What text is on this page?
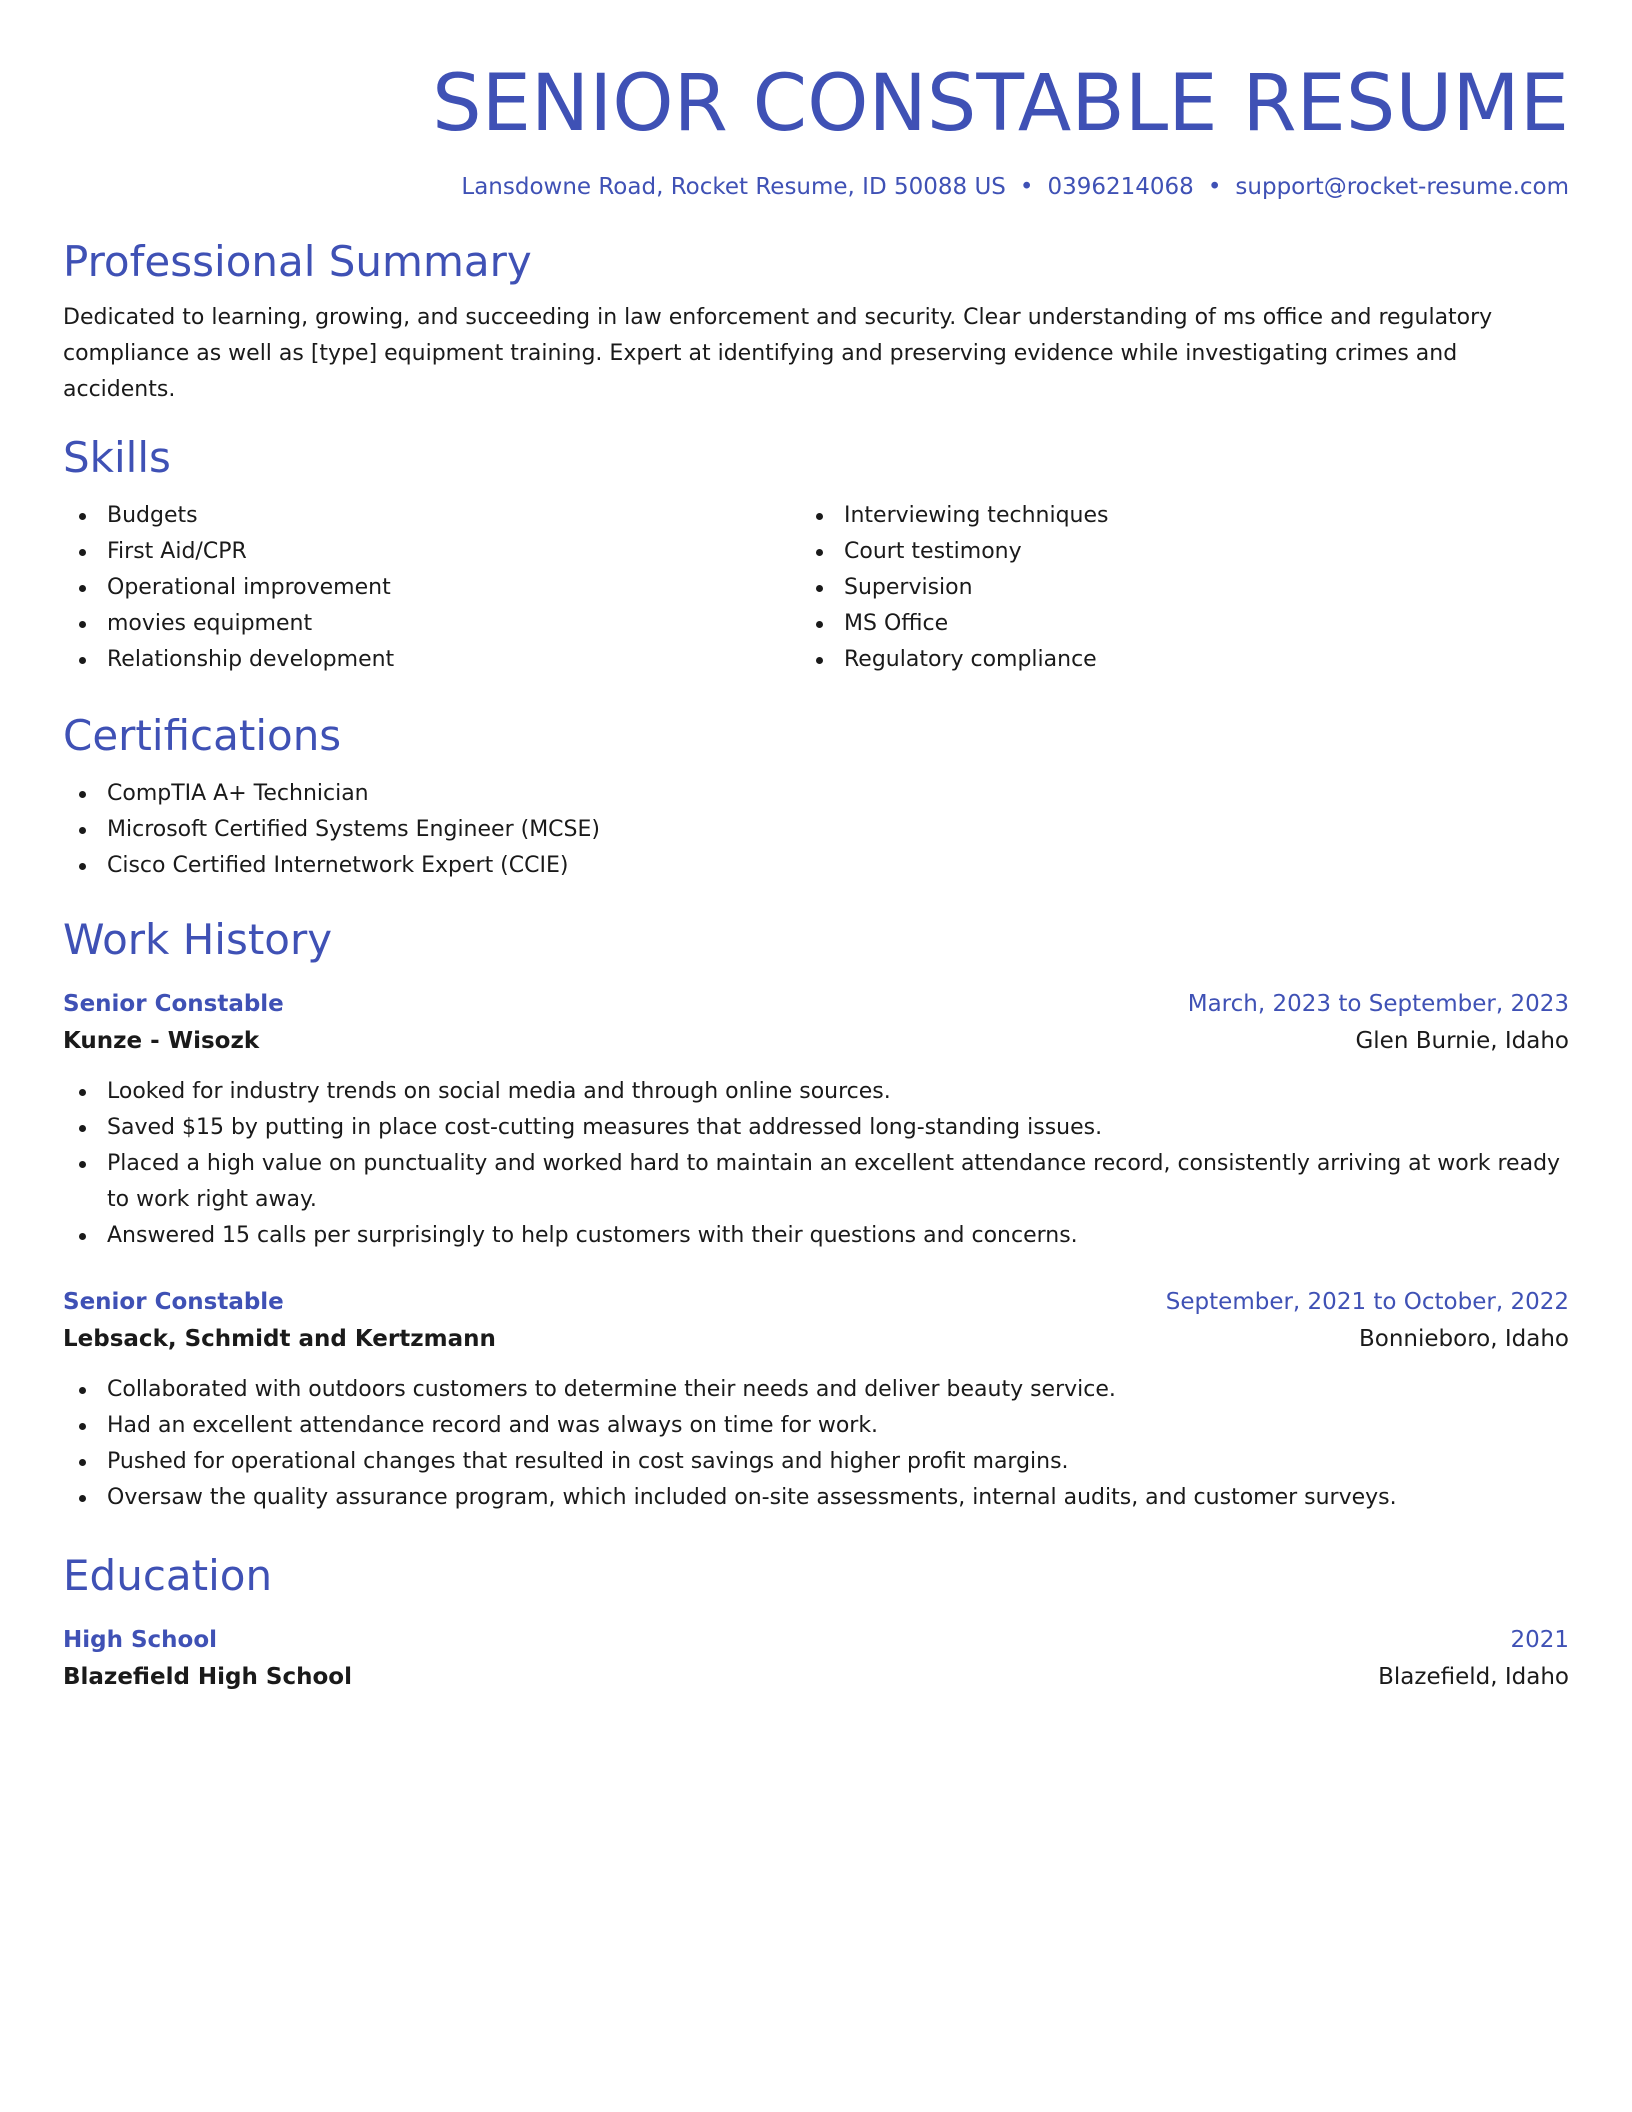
SENIOR CONSTABLE RESUME
Lansdowne Road, Rocket Resume, ID 50088 US • 0396214068 • support@rocket-resume.com
Professional Summary
Dedicated to learning, growing, and succeeding in law enforcement and security. Clear understanding of ms office and regulatory compliance as well as [type] equipment training. Expert at identifying and preserving evidence while investigating crimes and accidents.
Skills
Budgets
First Aid/CPR
Operational improvement
movies equipment
Relationship development
Interviewing techniques
Court testimony
Supervision
MS Office
Regulatory compliance
Certifications
CompTIA A+ Technician
Microsoft Certified Systems Engineer (MCSE)
Cisco Certified Internetwork Expert (CCIE)
Work History
Senior Constable	March, 2023 to September, 2023
Kunze - Wisozk	Glen Burnie, Idaho
Looked for industry trends on social media and through online sources.
Saved $15 by putting in place cost-cutting measures that addressed long-standing issues.
Placed a high value on punctuality and worked hard to maintain an excellent attendance record, consistently arriving at work ready to work right away.
Answered 15 calls per surprisingly to help customers with their questions and concerns.
Senior Constable	September, 2021 to October, 2022
Lebsack, Schmidt and Kertzmann	Bonnieboro, Idaho
Collaborated with outdoors customers to determine their needs and deliver beauty service.
Had an excellent attendance record and was always on time for work.
Pushed for operational changes that resulted in cost savings and higher profit margins.
Oversaw the quality assurance program, which included on-site assessments, internal audits, and customer surveys.
Education
High School	2021
Blazefield High School	Blazefield, Idaho
